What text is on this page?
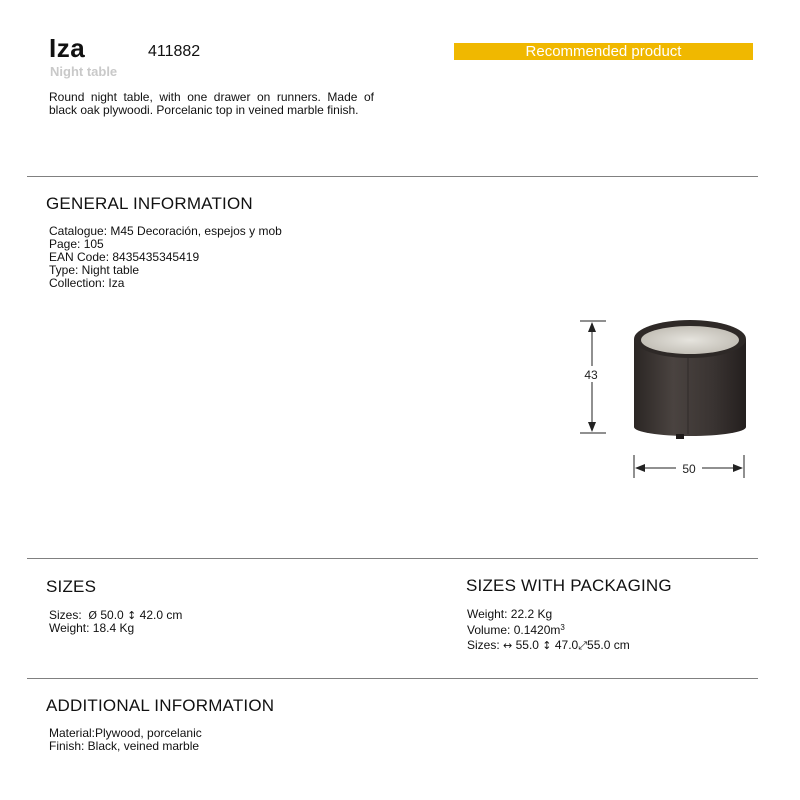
Iza	411882
Night table
Recommended product
Round night table, with one drawer on runners. Made of black oak plywoodi. Porcelanic top in veined marble finish.
GENERAL INFORMATION
Catalogue: M45 Decoración, espejos y mob
Page: 105
EAN Code: 8435435345419
Type: Night table
Collection: Iza
43
50
SIZES
Sizes: Ø 50.0 ↕ 42.0 cm
Weight: 18.4 Kg
SIZES WITH PACKAGING
Weight: 22.2 Kg
Volume: $0.1420m^3$
Sizes: ↔ 55.0 ↕ 47.0⤢55.0 cm
ADDITIONAL INFORMATION
Material:Plywood, porcelanic
Finish: Black, veined marble
